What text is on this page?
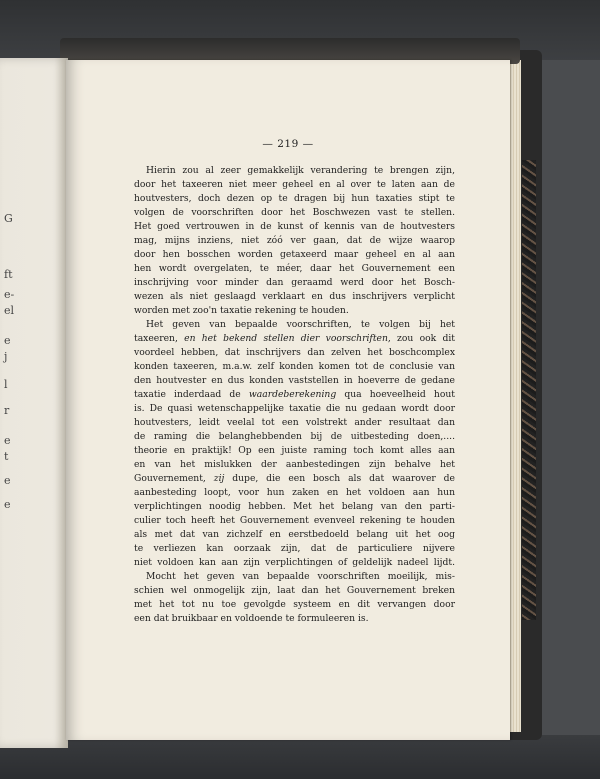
G
ft
e-
el
e
j
l
r
e
t
e
e
— 219 —
Hierin zou al zeer gemakkelijk verandering te brengen zijn,
door het taxeeren niet meer geheel en al over te laten aan de
houtvesters, doch dezen op te dragen bij hun taxaties stipt te
volgen de voorschriften door het Boschwezen vast te stellen.
Het goed vertrouwen in de kunst of kennis van de houtvesters
mag, mijns inziens, niet zóó ver gaan, dat de wijze waarop
door hen bosschen worden getaxeerd maar geheel en al aan
hen wordt overgelaten, te méer, daar het Gouvernement een
inschrijving voor minder dan geraamd werd door het Bosch-
wezen als niet geslaagd verklaart en dus inschrijvers verplicht
worden met zoo'n taxatie rekening te houden.
Het geven van bepaalde voorschriften, te volgen bij het
taxeeren, en het bekend stellen dier voorschriften, zou ook dit
voordeel hebben, dat inschrijvers dan zelven het boschcomplex
konden taxeeren, m.a.w. zelf konden komen tot de conclusie van
den houtvester en dus konden vaststellen in hoeverre de gedane
taxatie inderdaad de waardeberekening qua hoeveelheid hout
is. De quasi wetenschappelijke taxatie die nu gedaan wordt door
houtvesters, leidt veelal tot een volstrekt ander resultaat dan
de raming die belanghebbenden bij de uitbesteding doen,....
theorie en praktijk! Op een juiste raming toch komt alles aan
en van het mislukken der aanbestedingen zijn behalve het
Gouvernement, zij dupe, die een bosch als dat waarover de
aanbesteding loopt, voor hun zaken en het voldoen aan hun
verplichtingen noodig hebben. Met het belang van den parti-
culier toch heeft het Gouvernement evenveel rekening te houden
als met dat van zichzelf en eerstbedoeld belang uit het oog
te verliezen kan oorzaak zijn, dat de particuliere nijvere
niet voldoen kan aan zijn verplichtingen of geldelijk nadeel lijdt.
Mocht het geven van bepaalde voorschriften moeilijk, mis-
schien wel onmogelijk zijn, laat dan het Gouvernement breken
met het tot nu toe gevolgde systeem en dit vervangen door
een dat bruikbaar en voldoende te formuleeren is.
